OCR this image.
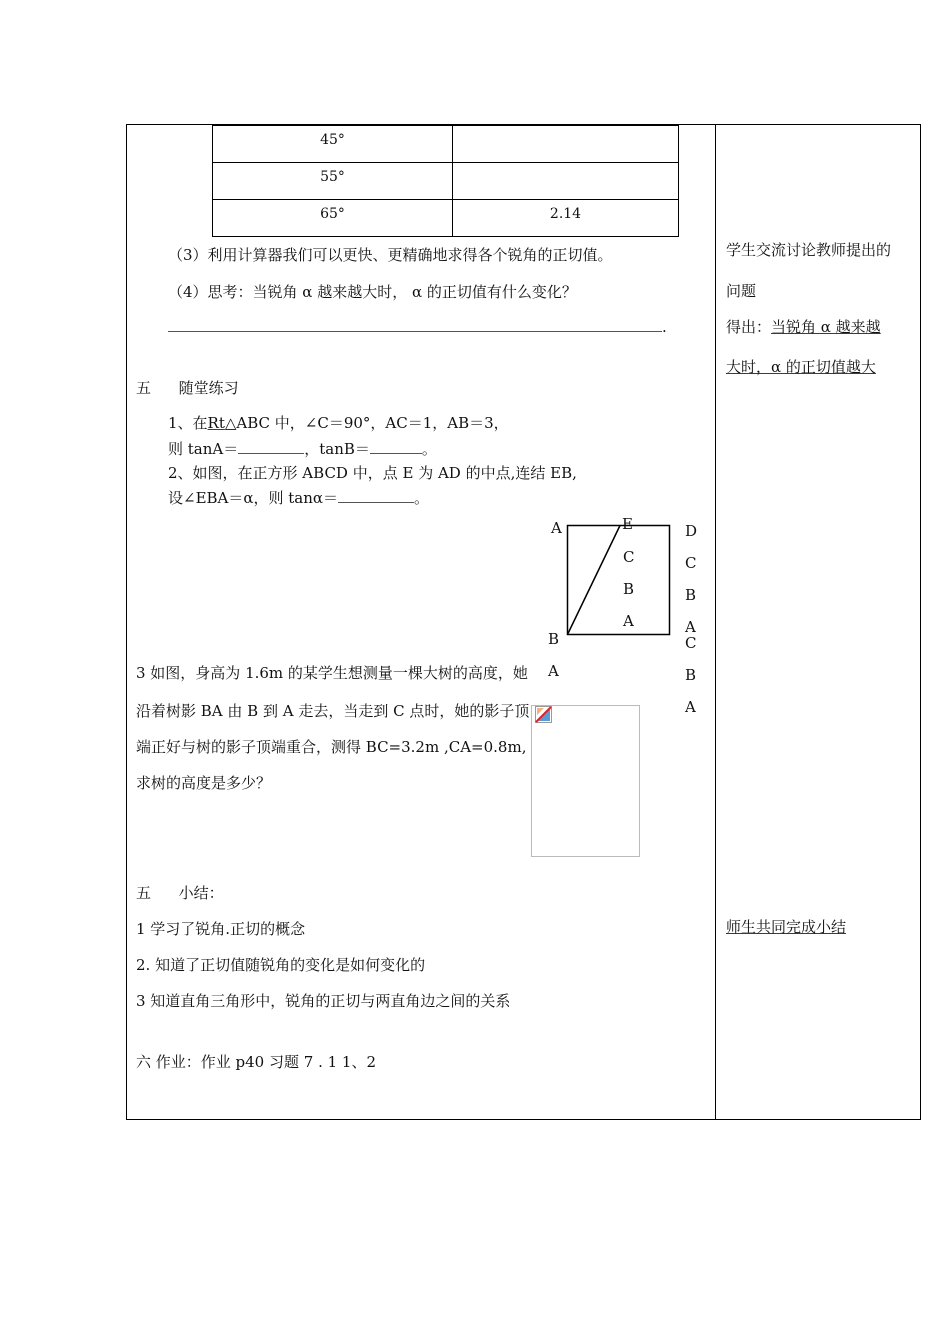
45°	
55°	
65°	2.14
（3）利用计算器我们可以更快、更精确地求得各个锐角的正切值。
（4）思考：当锐角 α 越来越大时， α 的正切值有什么变化？
.
五 随堂练习
1、在Rt△ABC 中，∠C＝90°，AC＝1，AB＝3，
则 tanA＝	，tanB＝	。
2、如图，在正方形 ABCD 中，点 E 为 AD 的中点,连结 EB,
设∠EBA＝α，则 tanα＝	。
A	E	D
C
B
A
B
A
C
B
A
C
B
A
3 如图，身高为 1.6m 的某学生想测量一棵大树的高度，她
沿着树影 BA 由 B 到 A 走去，当走到 C 点时，她的影子顶
端正好与树的影子顶端重合，测得 BC=3.2m ,CA=0.8m,
求树的高度是多少？
五 小结：
1 学习了锐角.正切的概念
2. 知道了正切值随锐角的变化是如何变化的
3 知道直角三角形中，锐角的正切与两直角边之间的关系
六 作业：作业 p40 习题 7 . 1 1、2
学生交流讨论教师提出的
问题
得出：当锐角 α 越来越
大时，α 的正切值越大
师生共同完成小结
